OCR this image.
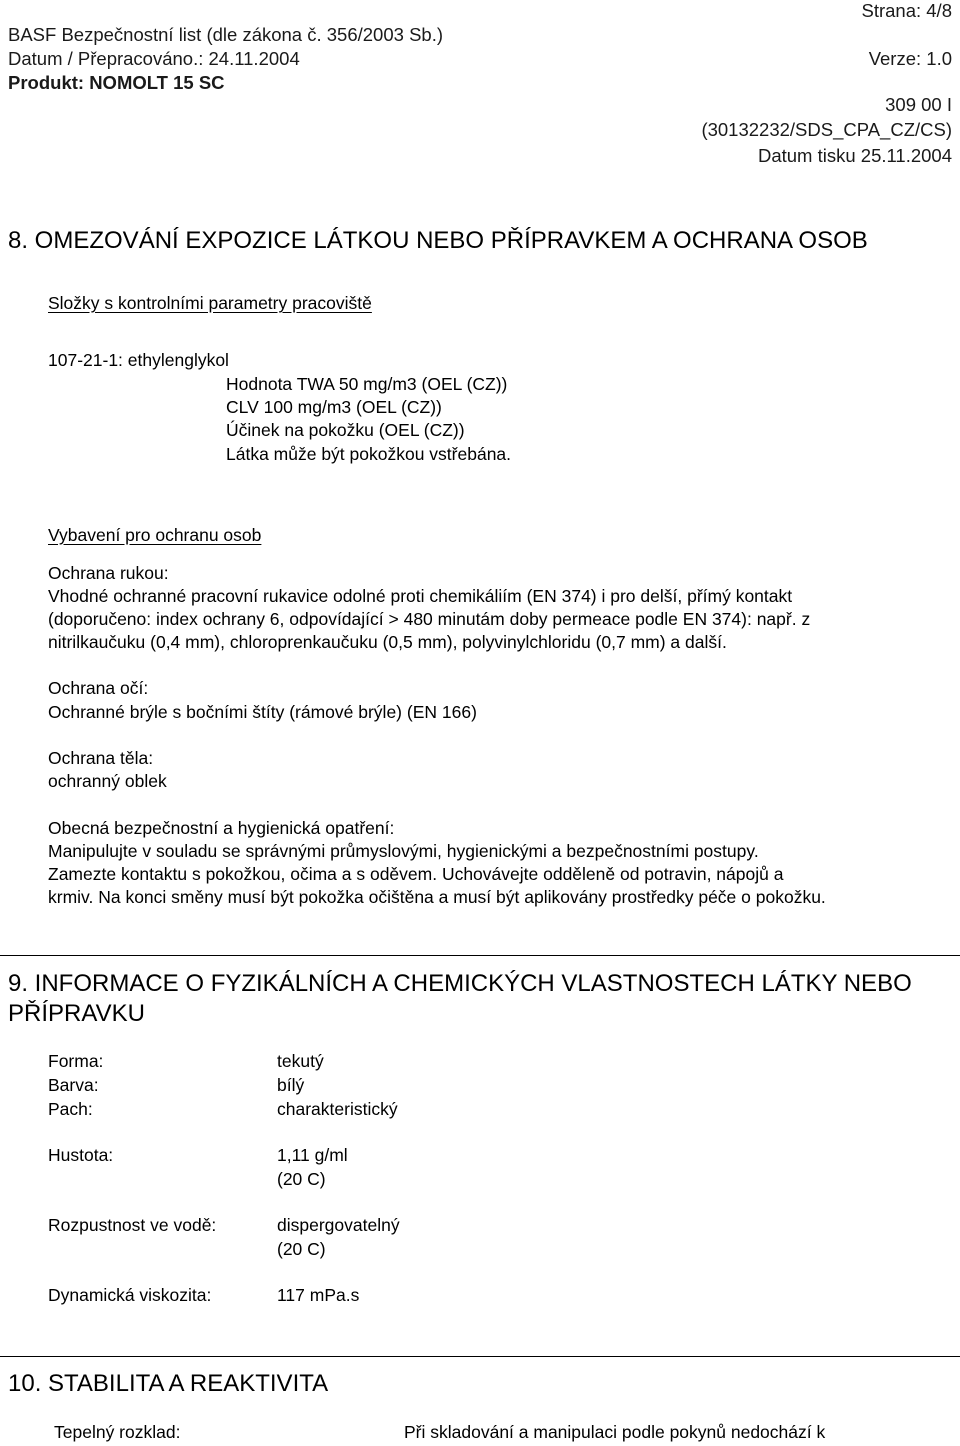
Strana: 4/8
BASF Bezpečnostní list (dle zákona č. 356/2003 Sb.)
Datum / Přepracováno.: 24.11.2004	Verze: 1.0
Produkt: NOMOLT 15 SC
309 00 I
(30132232/SDS_CPA_CZ/CS)
Datum tisku 25.11.2004
8. OMEZOVÁNÍ EXPOZICE LÁTKOU NEBO PŘÍPRAVKEM A OCHRANA OSOB
Složky s kontrolními parametry pracoviště
107-21-1: ethylenglykol
Hodnota TWA 50 mg/m3 (OEL (CZ))
CLV 100 mg/m3 (OEL (CZ))
Účinek na pokožku (OEL (CZ))
Látka může být pokožkou vstřebána.
Vybavení pro ochranu osob
Ochrana rukou:
Vhodné ochranné pracovní rukavice odolné proti chemikáliím (EN 374) i pro delší, přímý kontakt
(doporučeno: index ochrany 6, odpovídající > 480 minutám doby permeace podle EN 374): např. z
nitrilkaučuku (0,4 mm), chloroprenkaučuku (0,5 mm), polyvinylchloridu (0,7 mm) a další.
Ochrana očí:
Ochranné brýle s bočními štíty (rámové brýle) (EN 166)
Ochrana těla:
ochranný oblek
Obecná bezpečnostní a hygienická opatření:
Manipulujte v souladu se správnými průmyslovými, hygienickými a bezpečnostními postupy.
Zamezte kontaktu s pokožkou, očima a s oděvem. Uchovávejte odděleně od potravin, nápojů a
krmiv. Na konci směny musí být pokožka očištěna a musí být aplikovány prostředky péče o pokožku.
9. INFORMACE O FYZIKÁLNÍCH A CHEMICKÝCH VLASTNOSTECH LÁTKY NEBO
PŘÍPRAVKU
Forma:	tekutý
Barva:	bílý
Pach:	charakteristický
Hustota:	1,11 g/ml
(20 C)
Rozpustnost ve vodě:	dispergovatelný
(20 C)
Dynamická viskozita:	117 mPa.s
10. STABILITA A REAKTIVITA
Tepelný rozklad:	Při skladování a manipulaci podle pokynů nedochází k
